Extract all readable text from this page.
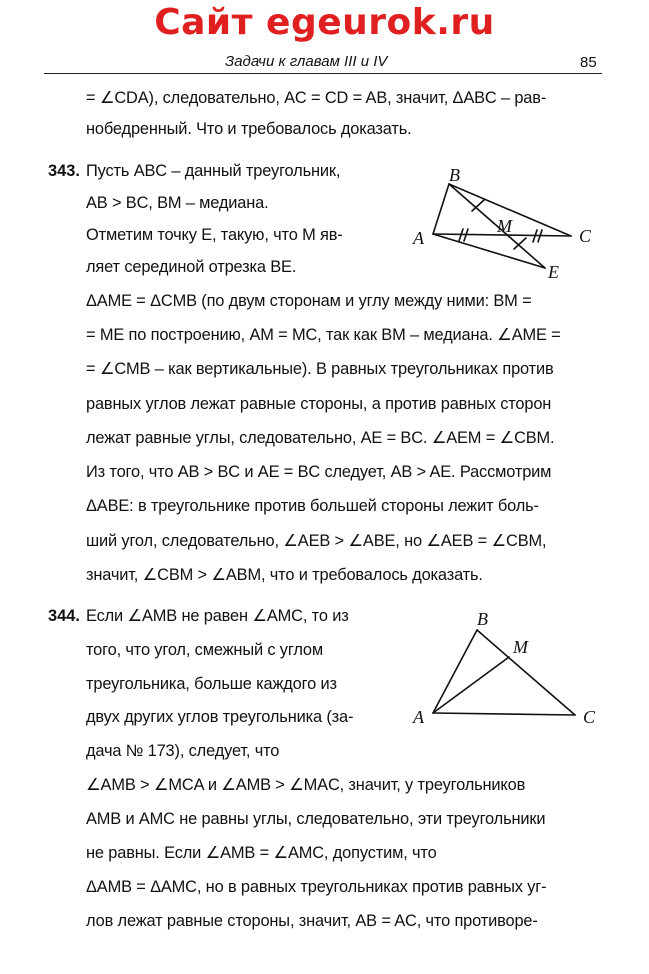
Сайт egeurok.ru
Задачи к главам III и IV	85
= ∠CDA), следовательно, AC = CD = AB, значит, ΔABC – рав-
нобедренный. Что и требовалось доказать.
343. Пусть ABC – данный треугольник,
AB > BC, BM – медиана.
Отметим точку E, такую, что M яв-
ляет серединой отрезка BE.
ΔAME = ΔCMB (по двум сторонам и углу между ними: BM =
= ME по построению, AM = MC, так как BM – медиана. ∠AME =
= ∠CMB – как вертикальные). В равных треугольниках против
равных углов лежат равные стороны, а против равных сторон
лежат равные углы, следовательно, AE = BC. ∠AEM = ∠CBM.
Из того, что AB > BC и AE = BC следует, AB > AE. Рассмотрим
ΔABE: в треугольнике против большей стороны лежит боль-
ший угол, следовательно, ∠AEB > ∠ABE, но ∠AEB = ∠CBM,
значит, ∠CBM > ∠ABM, что и требовалось доказать.
B
A	C
M
E
344. Если ∠AMB не равен ∠AMC, то из
того, что угол, смежный с углом
треугольника, больше каждого из
двух других углов треугольника (за-
дача № 173), следует, что
∠AMB > ∠MCA и ∠AMB > ∠MAC, значит, у треугольников
AMB и AMC не равны углы, следовательно, эти треугольники
не равны. Если ∠AMB = ∠AMC, допустим, что
ΔAMB = ΔAMC, но в равных треугольниках против равных уг-
лов лежат равные стороны, значит, AB = AC, что противоре-
B
M
A	C
